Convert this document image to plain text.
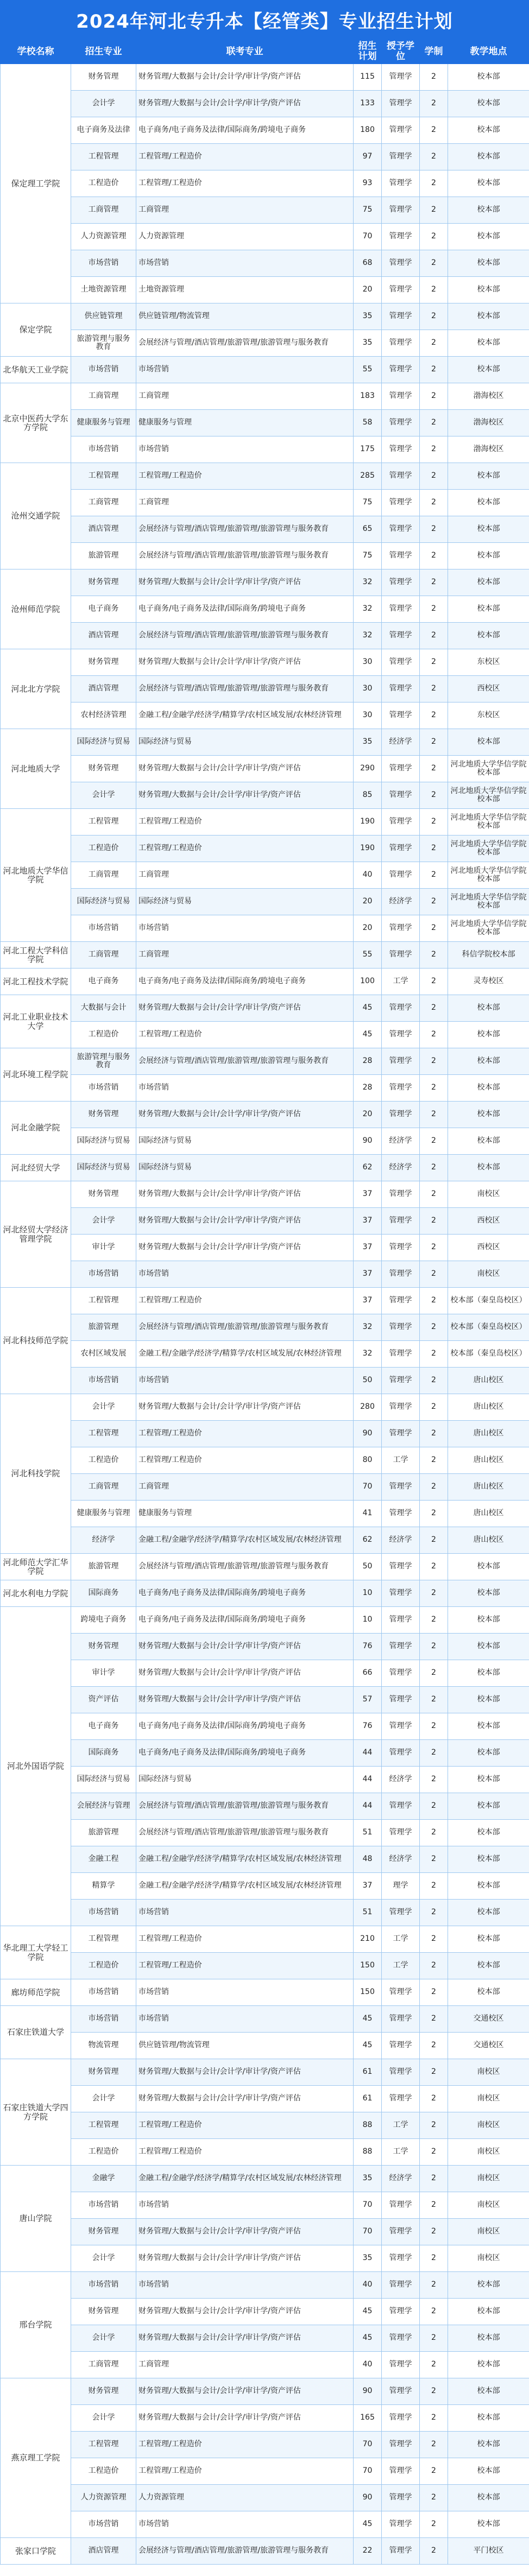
2024年河北专升本【经管类】专业招生计划
学校名称	招生专业	联考专业	招生计划	授予学位	学制	教学地点
保定理工学院	财务管理	财务管理/大数据与会计/会计学/审计学/资产评估	115	管理学	2	校本部
	会计学	财务管理/大数据与会计/会计学/审计学/资产评估	133	管理学	2	校本部
	电子商务及法律	电子商务/电子商务及法律/国际商务/跨境电子商务	180	管理学	2	校本部
	工程管理	工程管理/工程造价	97	管理学	2	校本部
	工程造价	工程管理/工程造价	93	管理学	2	校本部
	工商管理	工商管理	75	管理学	2	校本部
	人力资源管理	人力资源管理	70	管理学	2	校本部
	市场营销	市场营销	68	管理学	2	校本部
	土地资源管理	土地资源管理	20	管理学	2	校本部
保定学院	供应链管理	供应链管理/物流管理	35	管理学	2	校本部
	旅游管理与服务教育	会展经济与管理/酒店管理/旅游管理/旅游管理与服务教育	35	管理学	2	校本部
北华航天工业学院	市场营销	市场营销	55	管理学	2	校本部
北京中医药大学东方学院	工商管理	工商管理	183	管理学	2	渤海校区
	健康服务与管理	健康服务与管理	58	管理学	2	渤海校区
	市场营销	市场营销	175	管理学	2	渤海校区
沧州交通学院	工程管理	工程管理/工程造价	285	管理学	2	校本部
	工商管理	工商管理	75	管理学	2	校本部
	酒店管理	会展经济与管理/酒店管理/旅游管理/旅游管理与服务教育	65	管理学	2	校本部
	旅游管理	会展经济与管理/酒店管理/旅游管理/旅游管理与服务教育	75	管理学	2	校本部
沧州师范学院	财务管理	财务管理/大数据与会计/会计学/审计学/资产评估	32	管理学	2	校本部
	电子商务	电子商务/电子商务及法律/国际商务/跨境电子商务	32	管理学	2	校本部
	酒店管理	会展经济与管理/酒店管理/旅游管理/旅游管理与服务教育	32	管理学	2	校本部
河北北方学院	财务管理	财务管理/大数据与会计/会计学/审计学/资产评估	30	管理学	2	东校区
	酒店管理	会展经济与管理/酒店管理/旅游管理/旅游管理与服务教育	30	管理学	2	西校区
	农村经济管理	金融工程/金融学/经济学/精算学/农村区域发展/农林经济管理	30	管理学	2	东校区
河北地质大学	国际经济与贸易	国际经济与贸易	35	经济学	2	校本部
	财务管理	财务管理/大数据与会计/会计学/审计学/资产评估	290	管理学	2	河北地质大学华信学院校本部
	会计学	财务管理/大数据与会计/会计学/审计学/资产评估	85	管理学	2	河北地质大学华信学院校本部
河北地质大学华信学院	工程管理	工程管理/工程造价	190	管理学	2	河北地质大学华信学院校本部
	工程造价	工程管理/工程造价	190	管理学	2	河北地质大学华信学院校本部
	工商管理	工商管理	40	管理学	2	河北地质大学华信学院校本部
	国际经济与贸易	国际经济与贸易	20	经济学	2	河北地质大学华信学院校本部
	市场营销	市场营销	20	管理学	2	河北地质大学华信学院校本部
河北工程大学科信学院	工商管理	工商管理	55	管理学	2	科信学院校本部
河北工程技术学院	电子商务	电子商务/电子商务及法律/国际商务/跨境电子商务	100	工学	2	灵寿校区
河北工业职业技术大学	大数据与会计	财务管理/大数据与会计/会计学/审计学/资产评估	45	管理学	2	校本部
	工程造价	工程管理/工程造价	45	管理学	2	校本部
河北环境工程学院	旅游管理与服务教育	会展经济与管理/酒店管理/旅游管理/旅游管理与服务教育	28	管理学	2	校本部
	市场营销	市场营销	28	管理学	2	校本部
河北金融学院	财务管理	财务管理/大数据与会计/会计学/审计学/资产评估	20	管理学	2	校本部
	国际经济与贸易	国际经济与贸易	90	经济学	2	校本部
河北经贸大学	国际经济与贸易	国际经济与贸易	62	经济学	2	校本部
河北经贸大学经济管理学院	财务管理	财务管理/大数据与会计/会计学/审计学/资产评估	37	管理学	2	南校区
	会计学	财务管理/大数据与会计/会计学/审计学/资产评估	37	管理学	2	西校区
	审计学	财务管理/大数据与会计/会计学/审计学/资产评估	37	管理学	2	西校区
	市场营销	市场营销	37	管理学	2	南校区
河北科技师范学院	工程管理	工程管理/工程造价	37	管理学	2	校本部（秦皇岛校区）
	旅游管理	会展经济与管理/酒店管理/旅游管理/旅游管理与服务教育	32	管理学	2	校本部（秦皇岛校区）
	农村区域发展	金融工程/金融学/经济学/精算学/农村区域发展/农林经济管理	32	管理学	2	校本部（秦皇岛校区）
	市场营销	市场营销	50	管理学	2	唐山校区
河北科技学院	会计学	财务管理/大数据与会计/会计学/审计学/资产评估	280	管理学	2	唐山校区
	工程管理	工程管理/工程造价	90	管理学	2	唐山校区
	工程造价	工程管理/工程造价	80	工学	2	唐山校区
	工商管理	工商管理	70	管理学	2	唐山校区
	健康服务与管理	健康服务与管理	41	管理学	2	唐山校区
	经济学	金融工程/金融学/经济学/精算学/农村区域发展/农林经济管理	62	经济学	2	唐山校区
河北师范大学汇华学院	旅游管理	会展经济与管理/酒店管理/旅游管理/旅游管理与服务教育	50	管理学	2	校本部
河北水利电力学院	国际商务	电子商务/电子商务及法律/国际商务/跨境电子商务	10	管理学	2	校本部
河北外国语学院	跨境电子商务	电子商务/电子商务及法律/国际商务/跨境电子商务	10	管理学	2	校本部
	财务管理	财务管理/大数据与会计/会计学/审计学/资产评估	76	管理学	2	校本部
	审计学	财务管理/大数据与会计/会计学/审计学/资产评估	66	管理学	2	校本部
	资产评估	财务管理/大数据与会计/会计学/审计学/资产评估	57	管理学	2	校本部
	电子商务	电子商务/电子商务及法律/国际商务/跨境电子商务	76	管理学	2	校本部
	国际商务	电子商务/电子商务及法律/国际商务/跨境电子商务	44	管理学	2	校本部
	国际经济与贸易	国际经济与贸易	44	经济学	2	校本部
	会展经济与管理	会展经济与管理/酒店管理/旅游管理/旅游管理与服务教育	44	管理学	2	校本部
	旅游管理	会展经济与管理/酒店管理/旅游管理/旅游管理与服务教育	51	管理学	2	校本部
	金融工程	金融工程/金融学/经济学/精算学/农村区域发展/农林经济管理	48	经济学	2	校本部
	精算学	金融工程/金融学/经济学/精算学/农村区域发展/农林经济管理	37	理学	2	校本部
	市场营销	市场营销	51	管理学	2	校本部
华北理工大学轻工学院	工程管理	工程管理/工程造价	210	工学	2	校本部
	工程造价	工程管理/工程造价	150	工学	2	校本部
廊坊师范学院	市场营销	市场营销	150	管理学	2	校本部
石家庄铁道大学	市场营销	市场营销	45	管理学	2	交通校区
	物流管理	供应链管理/物流管理	45	管理学	2	交通校区
石家庄铁道大学四方学院	财务管理	财务管理/大数据与会计/会计学/审计学/资产评估	61	管理学	2	南校区
	会计学	财务管理/大数据与会计/会计学/审计学/资产评估	61	管理学	2	南校区
	工程管理	工程管理/工程造价	88	工学	2	南校区
	工程造价	工程管理/工程造价	88	工学	2	南校区
唐山学院	金融学	金融工程/金融学/经济学/精算学/农村区域发展/农林经济管理	35	经济学	2	南校区
	市场营销	市场营销	70	管理学	2	南校区
	财务管理	财务管理/大数据与会计/会计学/审计学/资产评估	70	管理学	2	南校区
	会计学	财务管理/大数据与会计/会计学/审计学/资产评估	35	管理学	2	南校区
邢台学院	市场营销	市场营销	40	管理学	2	校本部
	财务管理	财务管理/大数据与会计/会计学/审计学/资产评估	45	管理学	2	校本部
	会计学	财务管理/大数据与会计/会计学/审计学/资产评估	45	管理学	2	校本部
	工商管理	工商管理	40	管理学	2	校本部
燕京理工学院	财务管理	财务管理/大数据与会计/会计学/审计学/资产评估	90	管理学	2	校本部
	会计学	财务管理/大数据与会计/会计学/审计学/资产评估	165	管理学	2	校本部
	工程管理	工程管理/工程造价	70	管理学	2	校本部
	工程造价	工程管理/工程造价	70	管理学	2	校本部
	人力资源管理	人力资源管理	90	管理学	2	校本部
	市场营销	市场营销	45	管理学	2	校本部
张家口学院	酒店管理	会展经济与管理/酒店管理/旅游管理/旅游管理与服务教育	22	管理学	2	平门校区
